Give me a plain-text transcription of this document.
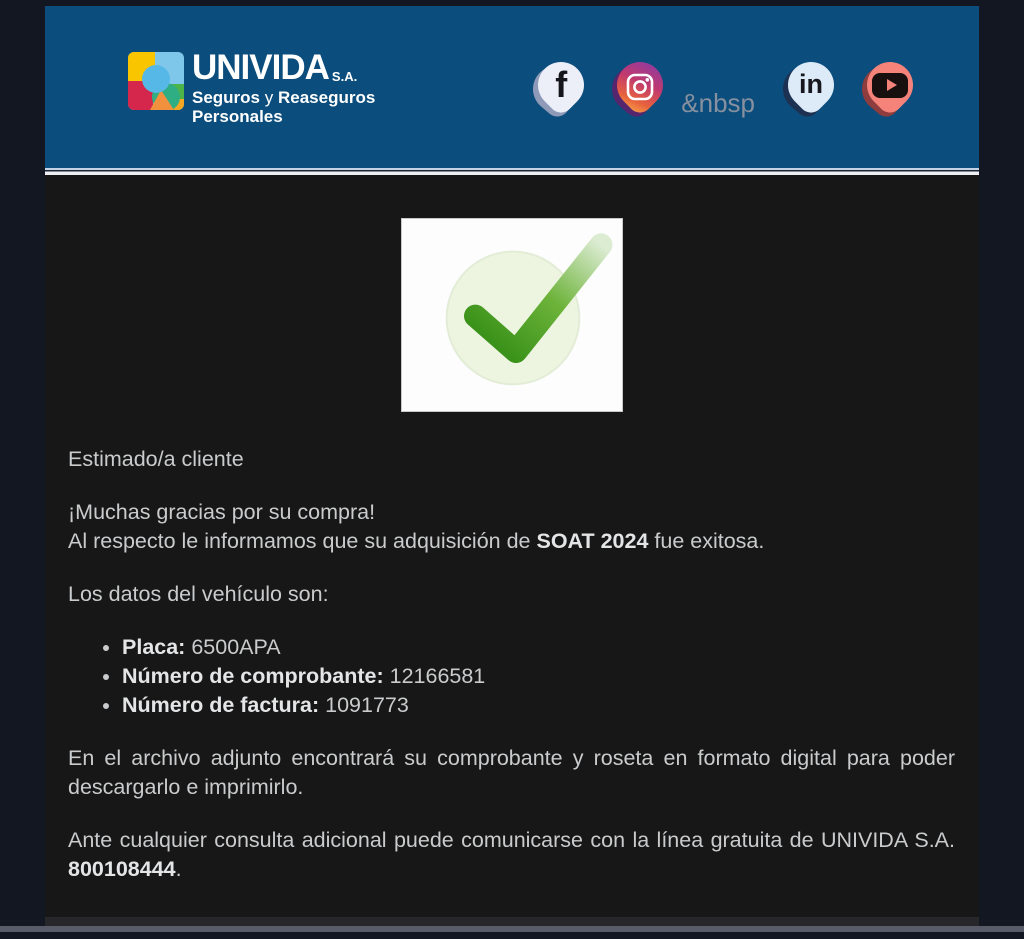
UNIVIDA S.A.
Seguros y Reaseguros
Personales
f	&nbsp
in

Estimado/a cliente

¡Muchas gracias por su compra!
Al respecto le informamos que su adquisición de SOAT 2024 fue exitosa.

Los datos del vehículo son:

• Placa: 6500APA
• Número de comprobante: 12166581
• Número de factura: 1091773

En el archivo adjunto encontrará su comprobante y roseta en formato digital para poder descargarlo e imprimirlo.

Ante cualquier consulta adicional puede comunicarse con la línea gratuita de UNIVIDA S.A. 800108444.
